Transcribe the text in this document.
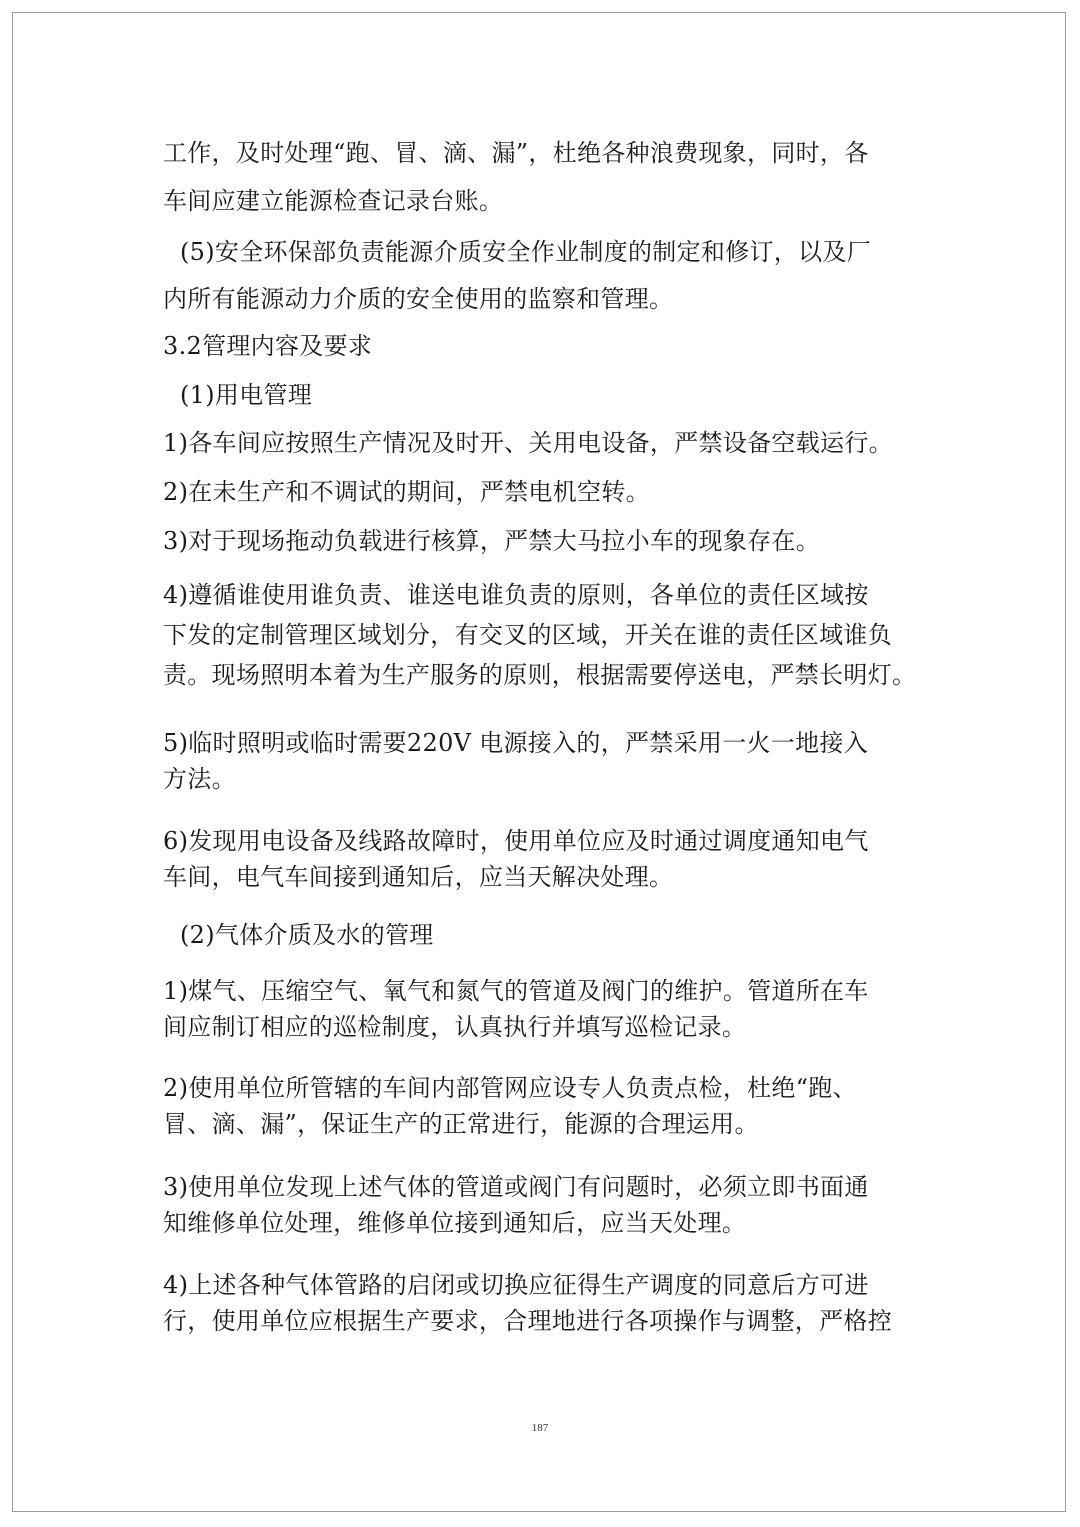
工作，及时处理“跑、冒、滴、漏”，杜绝各种浪费现象，同时，各
车间应建立能源检查记录台账。
(5)安全环保部负责能源介质安全作业制度的制定和修订，以及厂
内所有能源动力介质的安全使用的监察和管理。
3.2管理内容及要求
(1)用电管理
1)各车间应按照生产情况及时开、关用电设备，严禁设备空载运行。
2)在未生产和不调试的期间，严禁电机空转。
3)对于现场拖动负载进行核算，严禁大马拉小车的现象存在。
4)遵循谁使用谁负责、谁送电谁负责的原则，各单位的责任区域按
下发的定制管理区域划分，有交叉的区域，开关在谁的责任区域谁负
责。现场照明本着为生产服务的原则，根据需要停送电，严禁长明灯。
5)临时照明或临时需要220V 电源接入的，严禁采用一火一地接入
方法。
6)发现用电设备及线路故障时，使用单位应及时通过调度通知电气
车间，电气车间接到通知后，应当天解决处理。
(2)气体介质及水的管理
1)煤气、压缩空气、氧气和氮气的管道及阀门的维护。管道所在车
间应制订相应的巡检制度，认真执行并填写巡检记录。
2)使用单位所管辖的车间内部管网应设专人负责点检，杜绝“跑、
冒、滴、漏”，保证生产的正常进行，能源的合理运用。
3)使用单位发现上述气体的管道或阀门有问题时，必须立即书面通
知维修单位处理，维修单位接到通知后，应当天处理。
4)上述各种气体管路的启闭或切换应征得生产调度的同意后方可进
行，使用单位应根据生产要求，合理地进行各项操作与调整，严格控
187
